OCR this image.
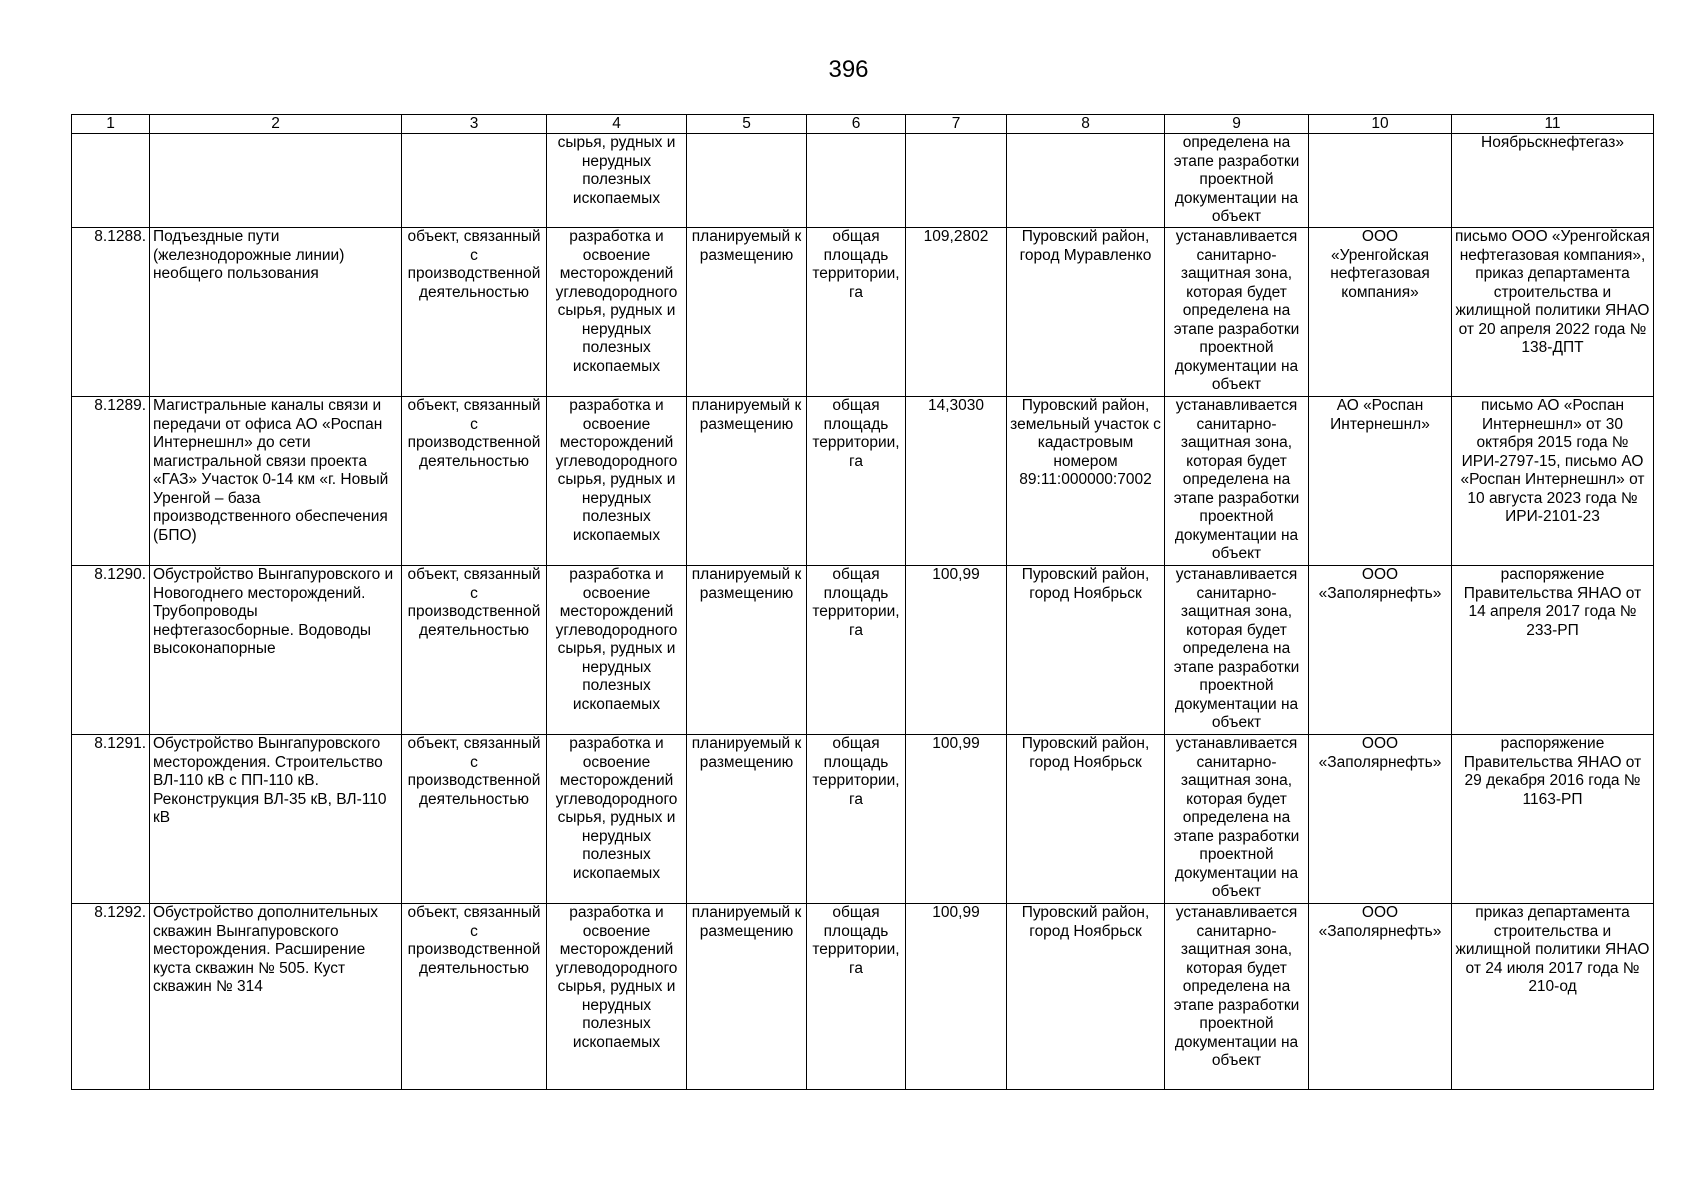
396
1	2	3	4	5	6	7	8	9	10	11
			сырья, рудных и нерудных полезных ископаемых					определена на этапе разработки проектной документации на объект		Ноябрьскнефтегаз»
8.1288.	Подъездные пути (железнодорожные линии) необщего пользования	объект, связанный с производственной деятельностью	разработка и освоение месторождений углеводородного сырья, рудных и нерудных полезных ископаемых	планируемый к размещению	общая площадь территории, га	109,2802	Пуровский район, город Муравленко	устанавливается санитарно-защитная зона, которая будет определена на этапе разработки проектной документации на объект	ООО «Уренгойская нефтегазовая компания»	письмо ООО «Уренгойская нефтегазовая компания», приказ департамента строительства и жилищной политики ЯНАО от 20 апреля 2022 года № 138-ДПТ
8.1289.	Магистральные каналы связи и передачи от офиса АО «Роспан Интернешнл» до сети магистральной связи проекта «ГАЗ» Участок 0-14 км «г. Новый Уренгой – база производственного обеспечения (БПО)	объект, связанный с производственной деятельностью	разработка и освоение месторождений углеводородного сырья, рудных и нерудных полезных ископаемых	планируемый к размещению	общая площадь территории, га	14,3030	Пуровский район, земельный участок с кадастровым номером 89:11:000000:7002	устанавливается санитарно-защитная зона, которая будет определена на этапе разработки проектной документации на объект	АО «Роспан Интернешнл»	письмо АО «Роспан Интернешнл» от 30 октября 2015 года № ИРИ-2797-15, письмо АО «Роспан Интернешнл» от 10 августа 2023 года № ИРИ-2101-23
8.1290.	Обустройство Вынгапуровского и Новогоднего месторождений. Трубопроводы нефтегазосборные. Водоводы высоконапорные	объект, связанный с производственной деятельностью	разработка и освоение месторождений углеводородного сырья, рудных и нерудных полезных ископаемых	планируемый к размещению	общая площадь территории, га	100,99	Пуровский район, город Ноябрьск	устанавливается санитарно-защитная зона, которая будет определена на этапе разработки проектной документации на объект	ООО «Заполярнефть»	распоряжение Правительства ЯНАО от 14 апреля 2017 года № 233-РП
8.1291.	Обустройство Вынгапуровского месторождения. Строительство ВЛ-110 кВ с ПП-110 кВ. Реконструкция ВЛ-35 кВ, ВЛ-110 кВ	объект, связанный с производственной деятельностью	разработка и освоение месторождений углеводородного сырья, рудных и нерудных полезных ископаемых	планируемый к размещению	общая площадь территории, га	100,99	Пуровский район, город Ноябрьск	устанавливается санитарно-защитная зона, которая будет определена на этапе разработки проектной документации на объект	ООО «Заполярнефть»	распоряжение Правительства ЯНАО от 29 декабря 2016 года № 1163-РП
8.1292.	Обустройство дополнительных скважин Вынгапуровского месторождения. Расширение куста скважин № 505. Куст скважин № 314	объект, связанный с производственной деятельностью	разработка и освоение месторождений углеводородного сырья, рудных и нерудных полезных ископаемых	планируемый к размещению	общая площадь территории, га	100,99	Пуровский район, город Ноябрьск	устанавливается санитарно-защитная зона, которая будет определена на этапе разработки проектной документации на объект	ООО «Заполярнефть»	приказ департамента строительства и жилищной политики ЯНАО от 24 июля 2017 года № 210-од
